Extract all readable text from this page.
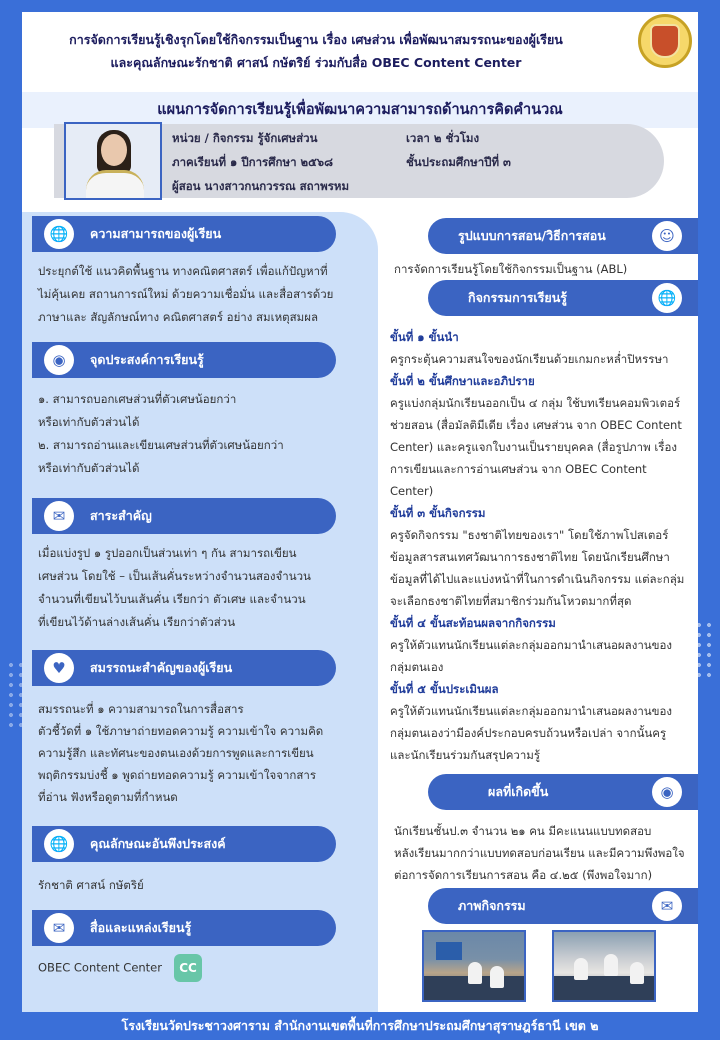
การจัดการเรียนรู้เชิงรุกโดยใช้กิจกรรมเป็นฐาน เรื่อง เศษส่วน เพื่อพัฒนาสมรรถนะของผู้เรียน
และคุณลักษณะรักชาติ ศาสน์ กษัตริย์ ร่วมกับสื่อ OBEC Content Center
แผนการจัดการเรียนรู้เพื่อพัฒนาความสามารถด้านการคิดคำนวณ
หน่วย / กิจกรรม รู้จักเศษส่วน
ภาคเรียนที่ ๑ ปีการศึกษา ๒๕๖๘
ผู้สอน นางสาวกนกวรรณ สถาพรหม
เวลา ๒ ชั่วโมง
ชั้นประถมศึกษาปีที่ ๓
🌐	ความสามารถของผู้เรียน
ประยุกต์ใช้ แนวคิดพื้นฐาน ทางคณิตศาสตร์ เพื่อแก้ปัญหาที่
ไม่คุ้นเคย สถานการณ์ใหม่ ด้วยความเชื่อมั่น และสื่อสารด้วย
ภาษาและ สัญลักษณ์ทาง คณิตศาสตร์ อย่าง สมเหตุสมผล
◉	จุดประสงค์การเรียนรู้
๑. สามารถบอกเศษส่วนที่ตัวเศษน้อยกว่า
หรือเท่ากับตัวส่วนได้
๒. สามารถอ่านและเขียนเศษส่วนที่ตัวเศษน้อยกว่า
หรือเท่ากับตัวส่วนได้
✉	สาระสำคัญ
เมื่อแบ่งรูป ๑ รูปออกเป็นส่วนเท่า ๆ กัน สามารถเขียน
เศษส่วน โดยใช้ – เป็นเส้นคั่นระหว่างจำนวนสองจำนวน
จำนวนที่เขียนไว้บนเส้นคั่น เรียกว่า ตัวเศษ และจำนวน
ที่เขียนไว้ด้านล่างเส้นคั่น เรียกว่าตัวส่วน
♥	สมรรถนะสำคัญของผู้เรียน
สมรรถนะที่ ๑ ความสามารถในการสื่อสาร
ตัวชี้วัดที่ ๑ ใช้ภาษาถ่ายทอดความรู้ ความเข้าใจ ความคิด
ความรู้สึก และทัศนะของตนเองด้วยการพูดและการเขียน
พฤติกรรมบ่งชี้ ๑ พูดถ่ายทอดความรู้ ความเข้าใจจากสาร
ที่อ่าน ฟังหรือดูตามที่กำหนด
🌐	คุณลักษณะอันพึงประสงค์
รักชาติ ศาสน์ กษัตริย์
✉	สื่อและแหล่งเรียนรู้
OBEC Content Center CC
รูปแบบการสอน/วิธีการสอน	☺
การจัดการเรียนรู้โดยใช้กิจกรรมเป็นฐาน (ABL)
กิจกรรมการเรียนรู้	🌐
ขั้นที่ ๑ ขั้นนำ
ครูกระตุ้นความสนใจของนักเรียนด้วยเกมกะหล่ำปิหรรษา
ขั้นที่ ๒ ขั้นศึกษาและอภิปราย
ครูแบ่งกลุ่มนักเรียนออกเป็น ๔ กลุ่ม ใช้บทเรียนคอมพิวเตอร์
ช่วยสอน (สื่อมัลติมีเดีย เรื่อง เศษส่วน จาก OBEC Content
Center) และครูแจกใบงานเป็นรายบุคคล (สื่อรูปภาพ เรื่อง
การเขียนและการอ่านเศษส่วน จาก OBEC Content
Center)
ขั้นที่ ๓ ขั้นกิจกรรม
ครูจัดกิจกรรม "ธงชาติไทยของเรา" โดยใช้ภาพโปสเตอร์
ข้อมูลสารสนเทศวัฒนาการธงชาติไทย โดยนักเรียนศึกษา
ข้อมูลที่ได้ไปและแบ่งหน้าที่ในการดำเนินกิจกรรม แต่ละกลุ่ม
จะเลือกธงชาติไทยที่สมาชิกร่วมกันโหวตมากที่สุด
ขั้นที่ ๔ ขั้นสะท้อนผลจากกิจกรรม
ครูให้ตัวแทนนักเรียนแต่ละกลุ่มออกมานำเสนอผลงานของ
กลุ่มตนเอง
ขั้นที่ ๕ ขั้นประเมินผล
ครูให้ตัวแทนนักเรียนแต่ละกลุ่มออกมานำเสนอผลงานของ
กลุ่มตนเองว่ามีองค์ประกอบครบถ้วนหรือเปล่า จากนั้นครู
และนักเรียนร่วมกันสรุปความรู้
ผลที่เกิดขึ้น	◉
นักเรียนชั้นป.๓ จำนวน ๒๑ คน มีคะแนนแบบทดสอบ
หลังเรียนมากกว่าแบบทดสอบก่อนเรียน และมีความพึงพอใจ
ต่อการจัดการเรียนการสอน คือ ๔.๒๕ (พึงพอใจมาก)
ภาพกิจกรรม	✉
โรงเรียนวัดประชาวงศาราม สำนักงานเขตพื้นที่การศึกษาประถมศึกษาสุราษฎร์ธานี เขต ๒
